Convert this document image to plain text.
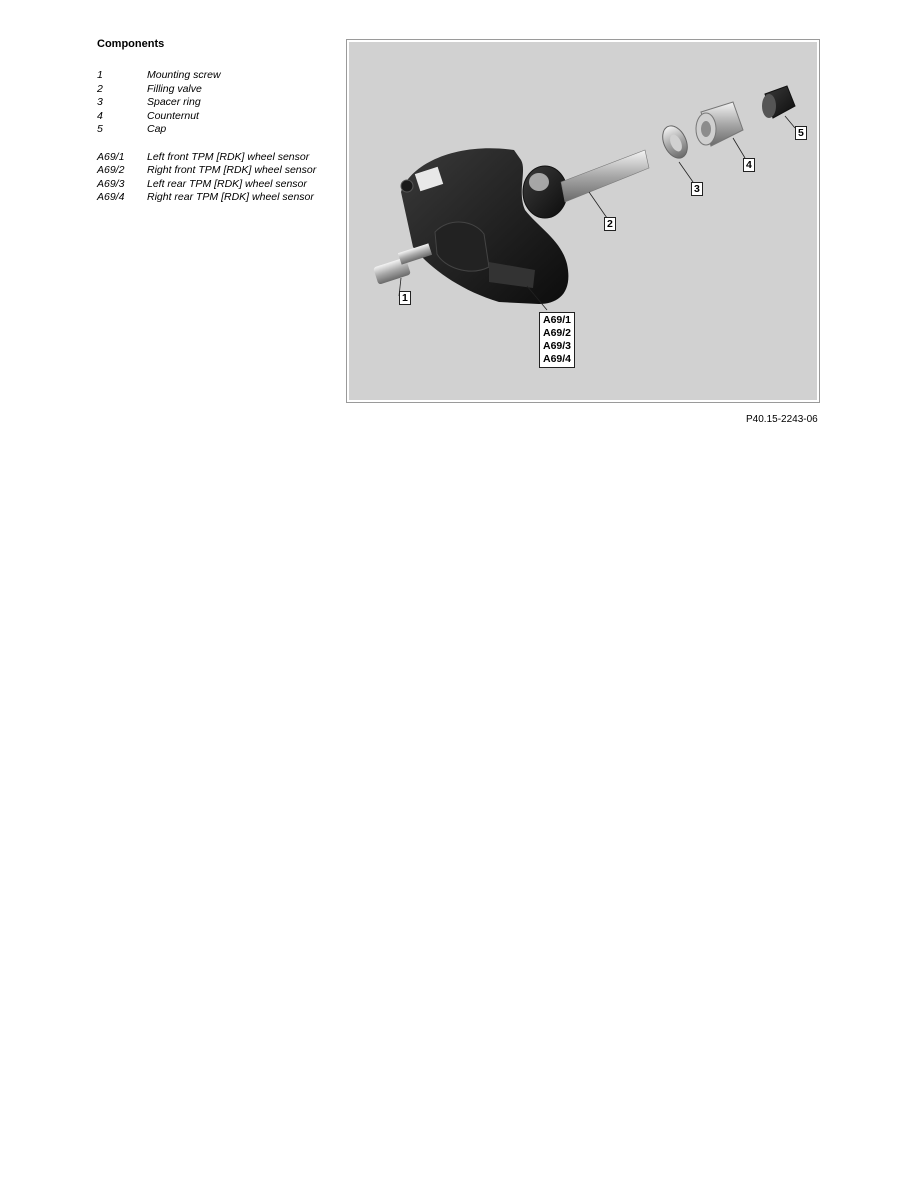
Components
1	Mounting screw
2	Filling valve
3	Spacer ring
4	Counternut
5	Cap
A69/1	Left front TPM [RDK] wheel sensor
A69/2	Right front TPM [RDK] wheel sensor
A69/3	Left rear TPM [RDK] wheel sensor
A69/4	Right rear TPM [RDK] wheel sensor
1
2
3
4
5
A69/1
A69/2
A69/3
A69/4
P40.15-2243-06
